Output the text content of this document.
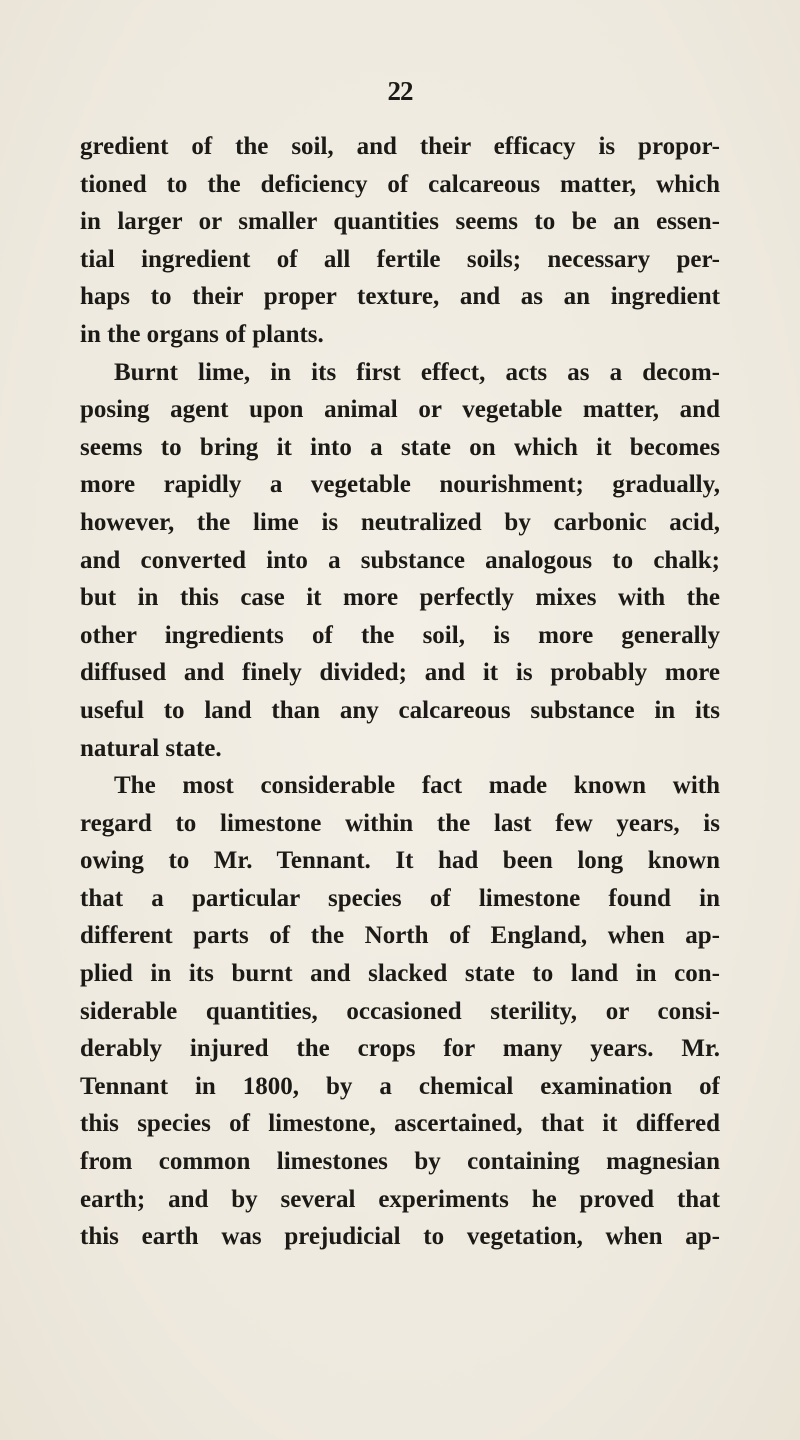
22
gredient of the soil, and their efficacy is propor-
tioned to the deficiency of calcareous matter, which
in larger or smaller quantities seems to be an essen-
tial ingredient of all fertile soils; necessary per-
haps to their proper texture, and as an ingredient
in the organs of plants.
Burnt lime, in its first effect, acts as a decom-
posing agent upon animal or vegetable matter, and
seems to bring it into a state on which it becomes
more rapidly a vegetable nourishment; gradually,
however, the lime is neutralized by carbonic acid,
and converted into a substance analogous to chalk;
but in this case it more perfectly mixes with the
other ingredients of the soil, is more generally
diffused and finely divided; and it is probably more
useful to land than any calcareous substance in its
natural state.
The most considerable fact made known with
regard to limestone within the last few years, is
owing to Mr. Tennant. It had been long known
that a particular species of limestone found in
different parts of the North of England, when ap-
plied in its burnt and slacked state to land in con-
siderable quantities, occasioned sterility, or consi-
derably injured the crops for many years. Mr.
Tennant in 1800, by a chemical examination of
this species of limestone, ascertained, that it differed
from common limestones by containing magnesian
earth; and by several experiments he proved that
this earth was prejudicial to vegetation, when ap-
